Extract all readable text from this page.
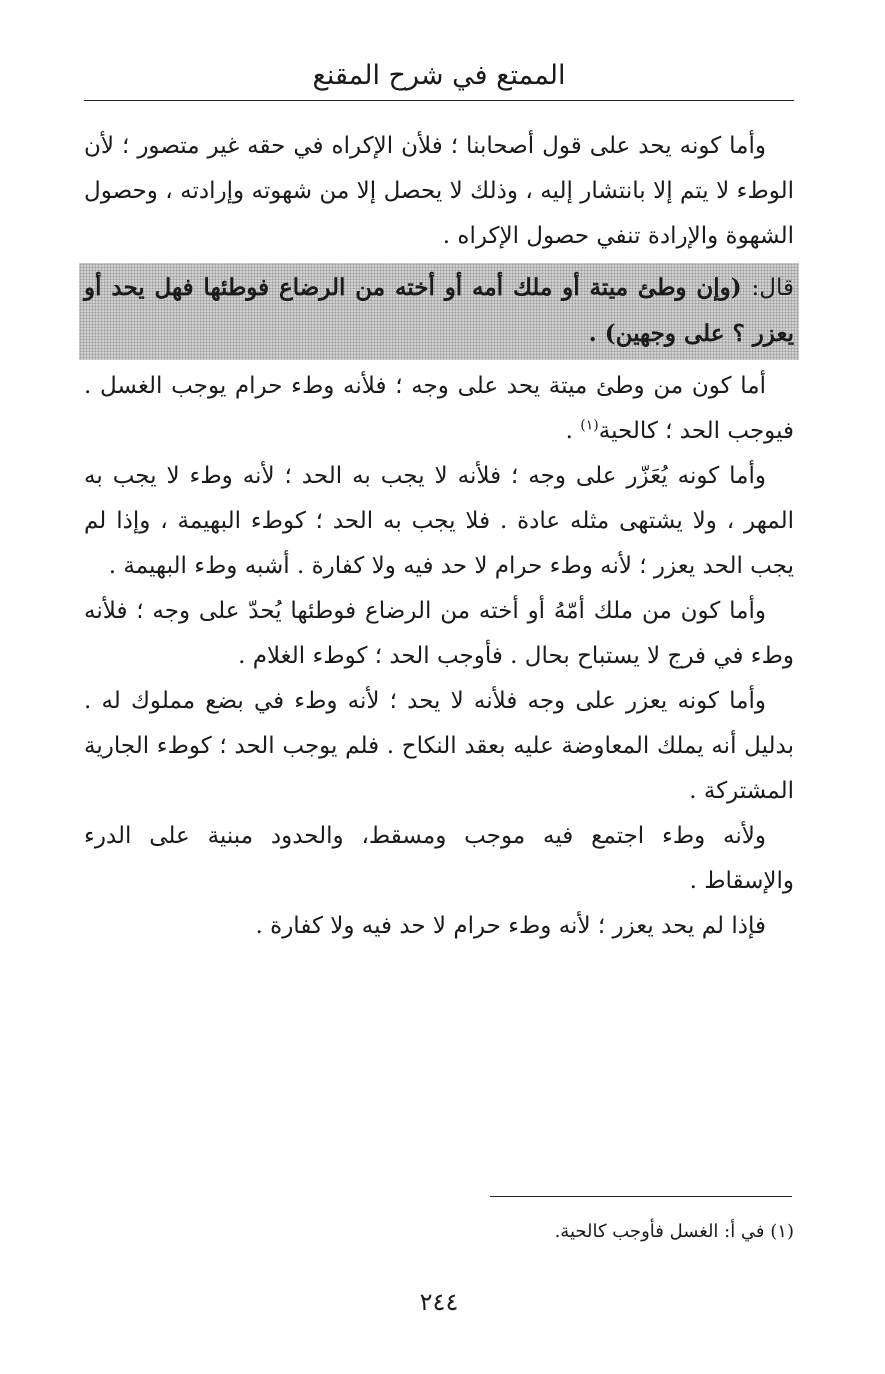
الممتع في شرح المقنع

وأما كونه يحد على قول أصحابنا ؛ فلأن الإكراه في حقه غير متصور ؛ لأن الوطء لا يتم إلا بانتشار إليه ، وذلك لا يحصل إلا من شهوته وإرادته ، وحصول الشهوة والإرادة تنفي حصول الإكراه .

قال: (وإن وطئ ميتة أو ملك أمه أو أخته من الرضاع فوطئها فهل يحد أو يعزر ؟ على وجهين) .

أما كون من وطئ ميتة يحد على وجه ؛ فلأنه وطء حرام يوجب الغسل . فيوجب الحد ؛ كالحية$^{(١)}$ .

وأما كونه يُعَزّر على وجه ؛ فلأنه لا يجب به الحد ؛ لأنه وطء لا يجب به المهر ، ولا يشتهى مثله عادة . فلا يجب به الحد ؛ كوطء البهيمة ، وإذا لم يجب الحد يعزر ؛ لأنه وطء حرام لا حد فيه ولا كفارة . أشبه وطء البهيمة .

وأما كون من ملك أمّهُ أو أخته من الرضاع فوطئها يُحدّ على وجه ؛ فلأنه وطء في فرج لا يستباح بحال . فأوجب الحد ؛ كوطء الغلام .

وأما كونه يعزر على وجه فلأنه لا يحد ؛ لأنه وطء في بضع مملوك له . بدليل أنه يملك المعاوضة عليه بعقد النكاح . فلم يوجب الحد ؛ كوطء الجارية المشتركة .

ولأنه وطء اجتمع فيه موجب ومسقط، والحدود مبنية على الدرء والإسقاط .

فإذا لم يحد يعزر ؛ لأنه وطء حرام لا حد فيه ولا كفارة .

(١) في أ: الغسل فأوجب كالحية.
٢٤٤
